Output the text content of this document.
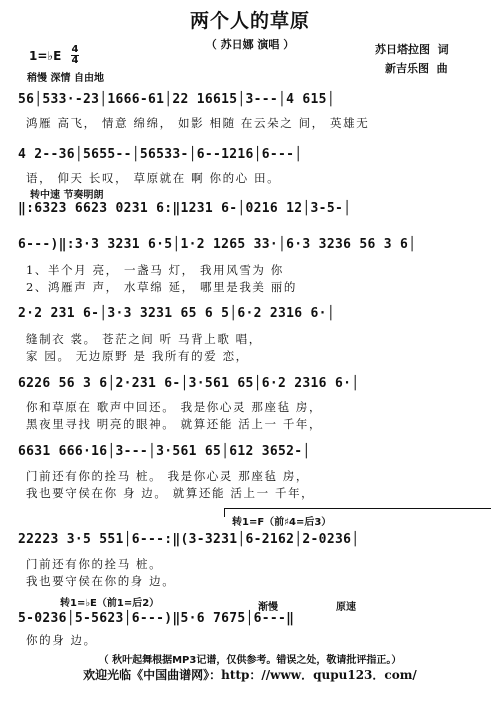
两个人的草原
（ 苏日娜 演唱 ）	苏日塔拉图  词
新吉乐图  曲
1=♭E 4
4
稍慢 深情 自由地
56│533·-23│1666-61│22 16615│3---│4 615│
鸿雁 高飞， 情意 绵绵， 如影 相随 在云朵之 间， 英雄无
4 2--36│5655--│56533-│6--1216│6---│
语， 仰天 长叹， 草原就在 啊 你的心 田。
转中速 节奏明朗
‖:6323 6623 0231 6:‖1231 6-│0216 12│3-5-│
6---)‖:3·3 3231 6·5│1·2 1265 33·│6·3 3236 56 3 6│
1、半个月 亮， 一盏马 灯， 我用风雪为 你
2、鸿雁声 声， 水草绵 延， 哪里是我美 丽的
2·2 231 6-│3·3 3231 65 6 5│6·2 2316 6·│
缝制衣 裳。 苍茫之间 听 马背上歌 唱，
家 园。 无边原野 是 我所有的爱 恋，
6226 56 3 6│2·231 6-│3·561 65│6·2 2316 6·│
你和草原在 歌声中回还。 我是你心灵 那座毡 房，
黑夜里寻找 明亮的眼神。 就算还能 活上一 千年，
6631 666·16│3---│3·561 65│612 3652-│
门前还有你的拴马 桩。 我是你心灵 那座毡 房，
我也要守侯在你 身 边。 就算还能 活上一 千年，
转1=F（前♯4=后3）
22223 3·5 551│6---:‖(3-3231│6-2162│2-0236│
门前还有你的拴马 桩。
我也要守侯在你的身 边。
转1=♭E（前1=后2）	渐慢	原速
5-0236│5-5623│6---)‖5·6 7675│6---‖
你的身 边。
（ 秋叶起舞根据MP3记谱，仅供参考。错误之处，敬请批评指正。）
欢迎光临《中国曲谱网》：http：//www．qupu123．com/
